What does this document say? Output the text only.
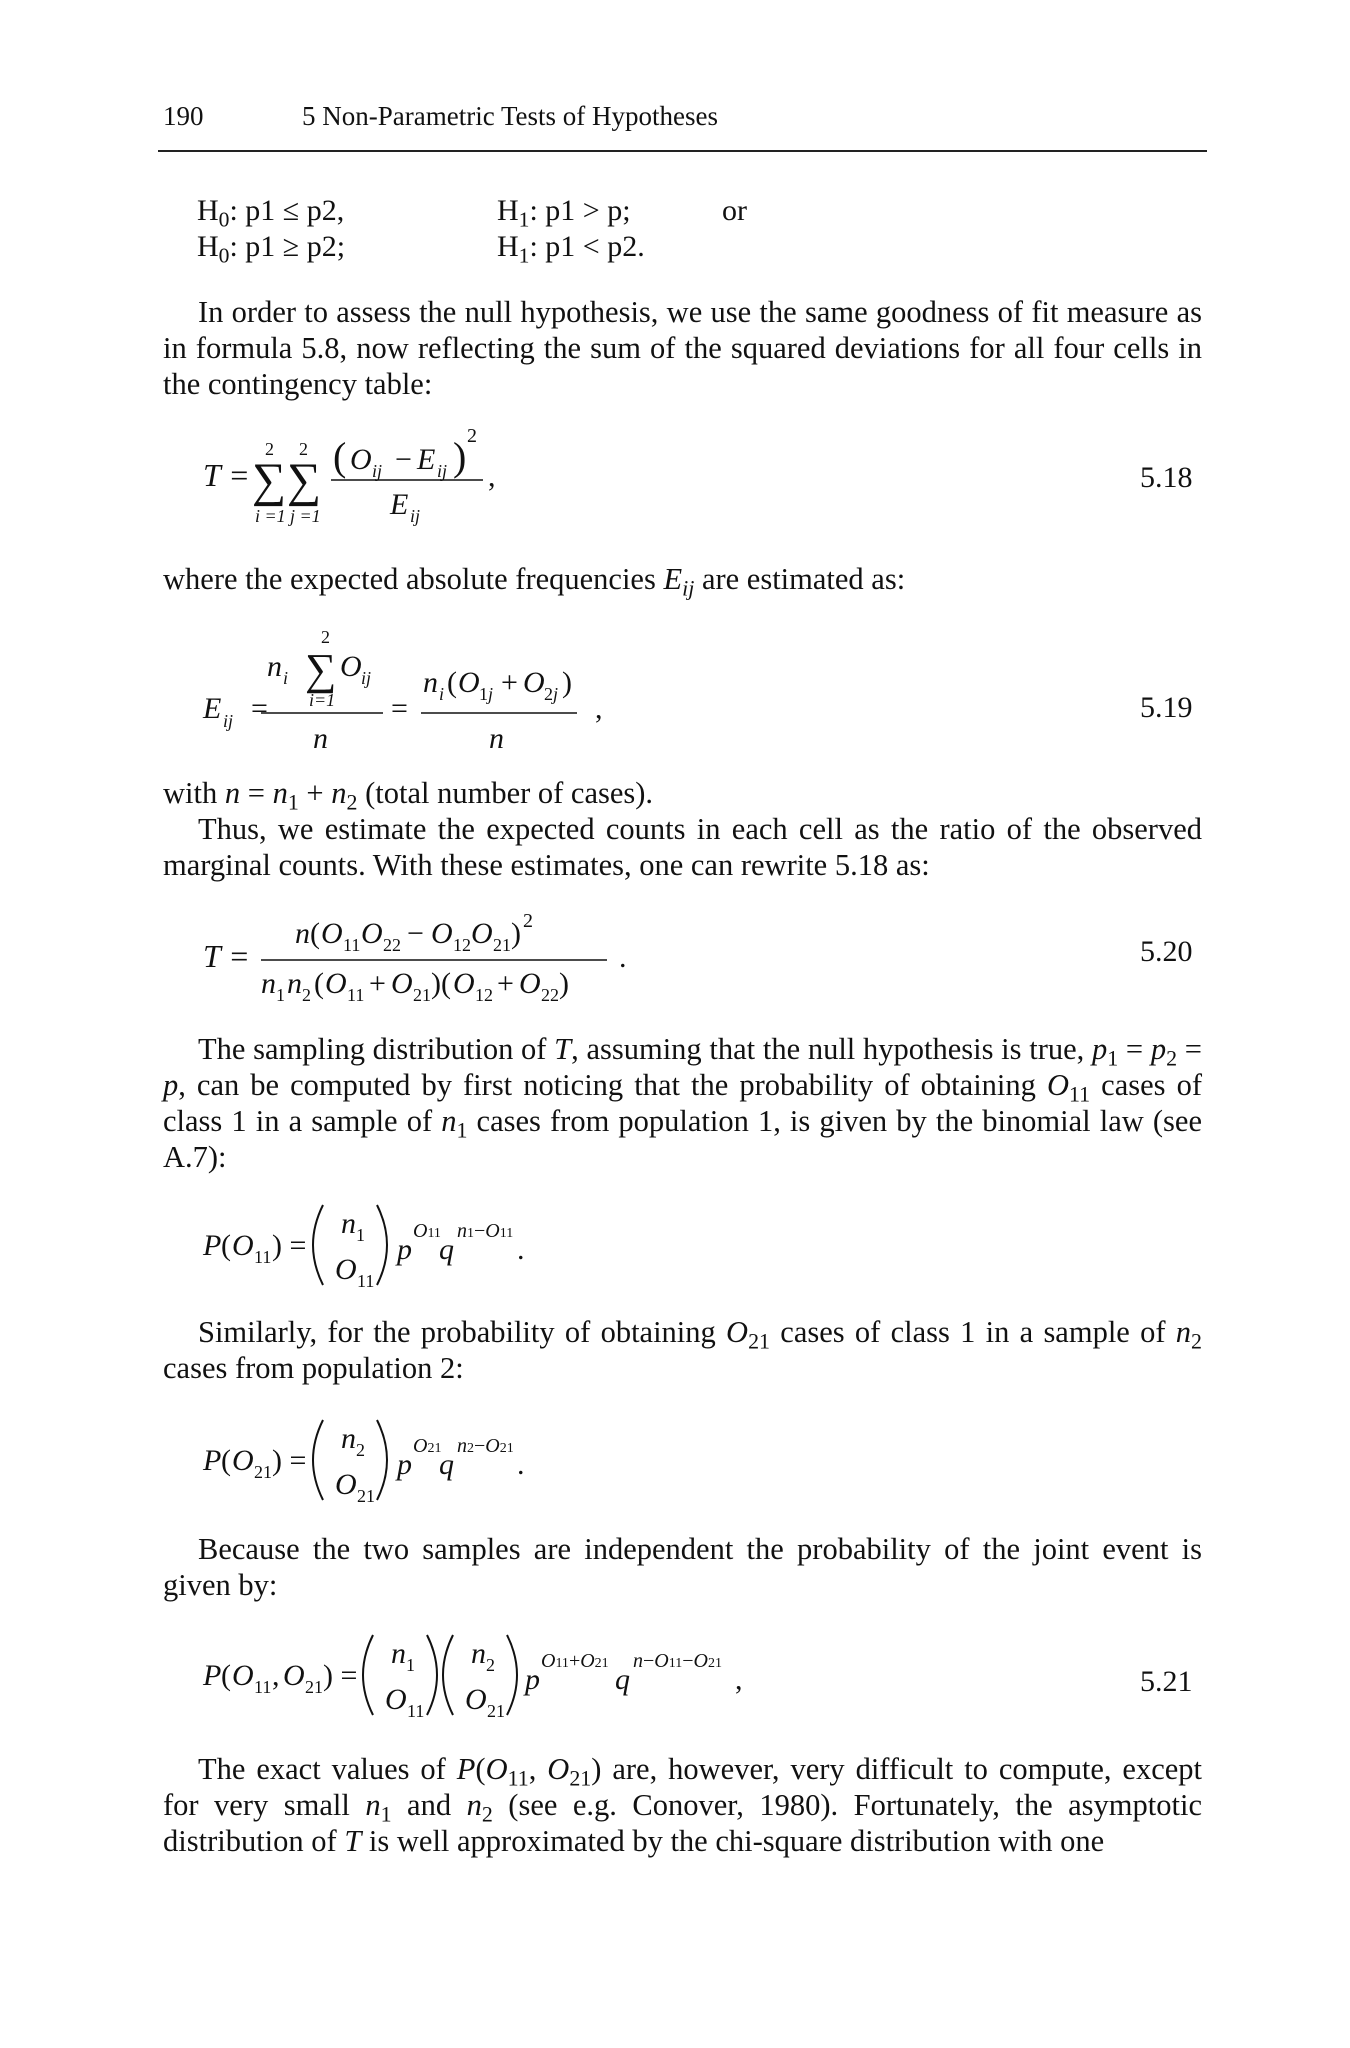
190	5 Non-Parametric Tests of Hypotheses
$H_0$: p1 ≤ p2,	$H_1$: p1 > p;	or
$H_0$: p1 ≥ p2;	$H_1$: p1 < p2.

In order to assess the null hypothesis, we use the same goodness of fit measure as in formula 5.8, now reflecting the sum of the squared deviations for all four cells in the contingency table:

T =
2
∑
i =1
2
∑
j =1
( O ij − E ij ) 2
E ij
,	5.18
where the expected absolute frequencies $E_{ij}$ are estimated as:
E ij =
2
n i ∑ O ij
i=1
n
=
n i ( O 1j + O 2j )
n
,	5.19
with $n = n_1 + n_2$ (total number of cases).

Thus, we estimate the expected counts in each cell as the ratio of the observed marginal counts. With these estimates, one can rewrite 5.18 as:

T =
n ( O 11 O 22 − O 12 O 21 ) 2
n 1 n 2 ( O 11 + O 21 )( O 12 + O 22 )
.	5.20

The sampling distribution of T, assuming that the null hypothesis is true, $p_1 = p_2 = p$, can be computed by first noticing that the probability of obtaining $O_{11}$ cases of class 1 in a sample of $n_1$ cases from population 1, is given by the binomial law (see A.7):

P ( O 11 ) =
n 1
O 11
p
O11
q
n1−O11 .

Similarly, for the probability of obtaining $O_{21}$ cases of class 1 in a sample of $n_2$ cases from population 2:

P ( O 21 ) =
n 2
O 21
p
O21
q
n2−O21 .

Because the two samples are independent the probability of the joint event is given by:

P ( O 11 , O 21 ) =
n 1
O 11
n 2
O 21
p
O11+O21 q
n−O11−O21 ,	5.21

The exact values of $P(O_{11}$, $O_{21}$) are, however, very difficult to compute, except for very small $n_1$ and $n_2$ (see e.g. Conover, 1980). Fortunately, the asymptotic distribution of T is well approximated by the chi-square distribution with one
